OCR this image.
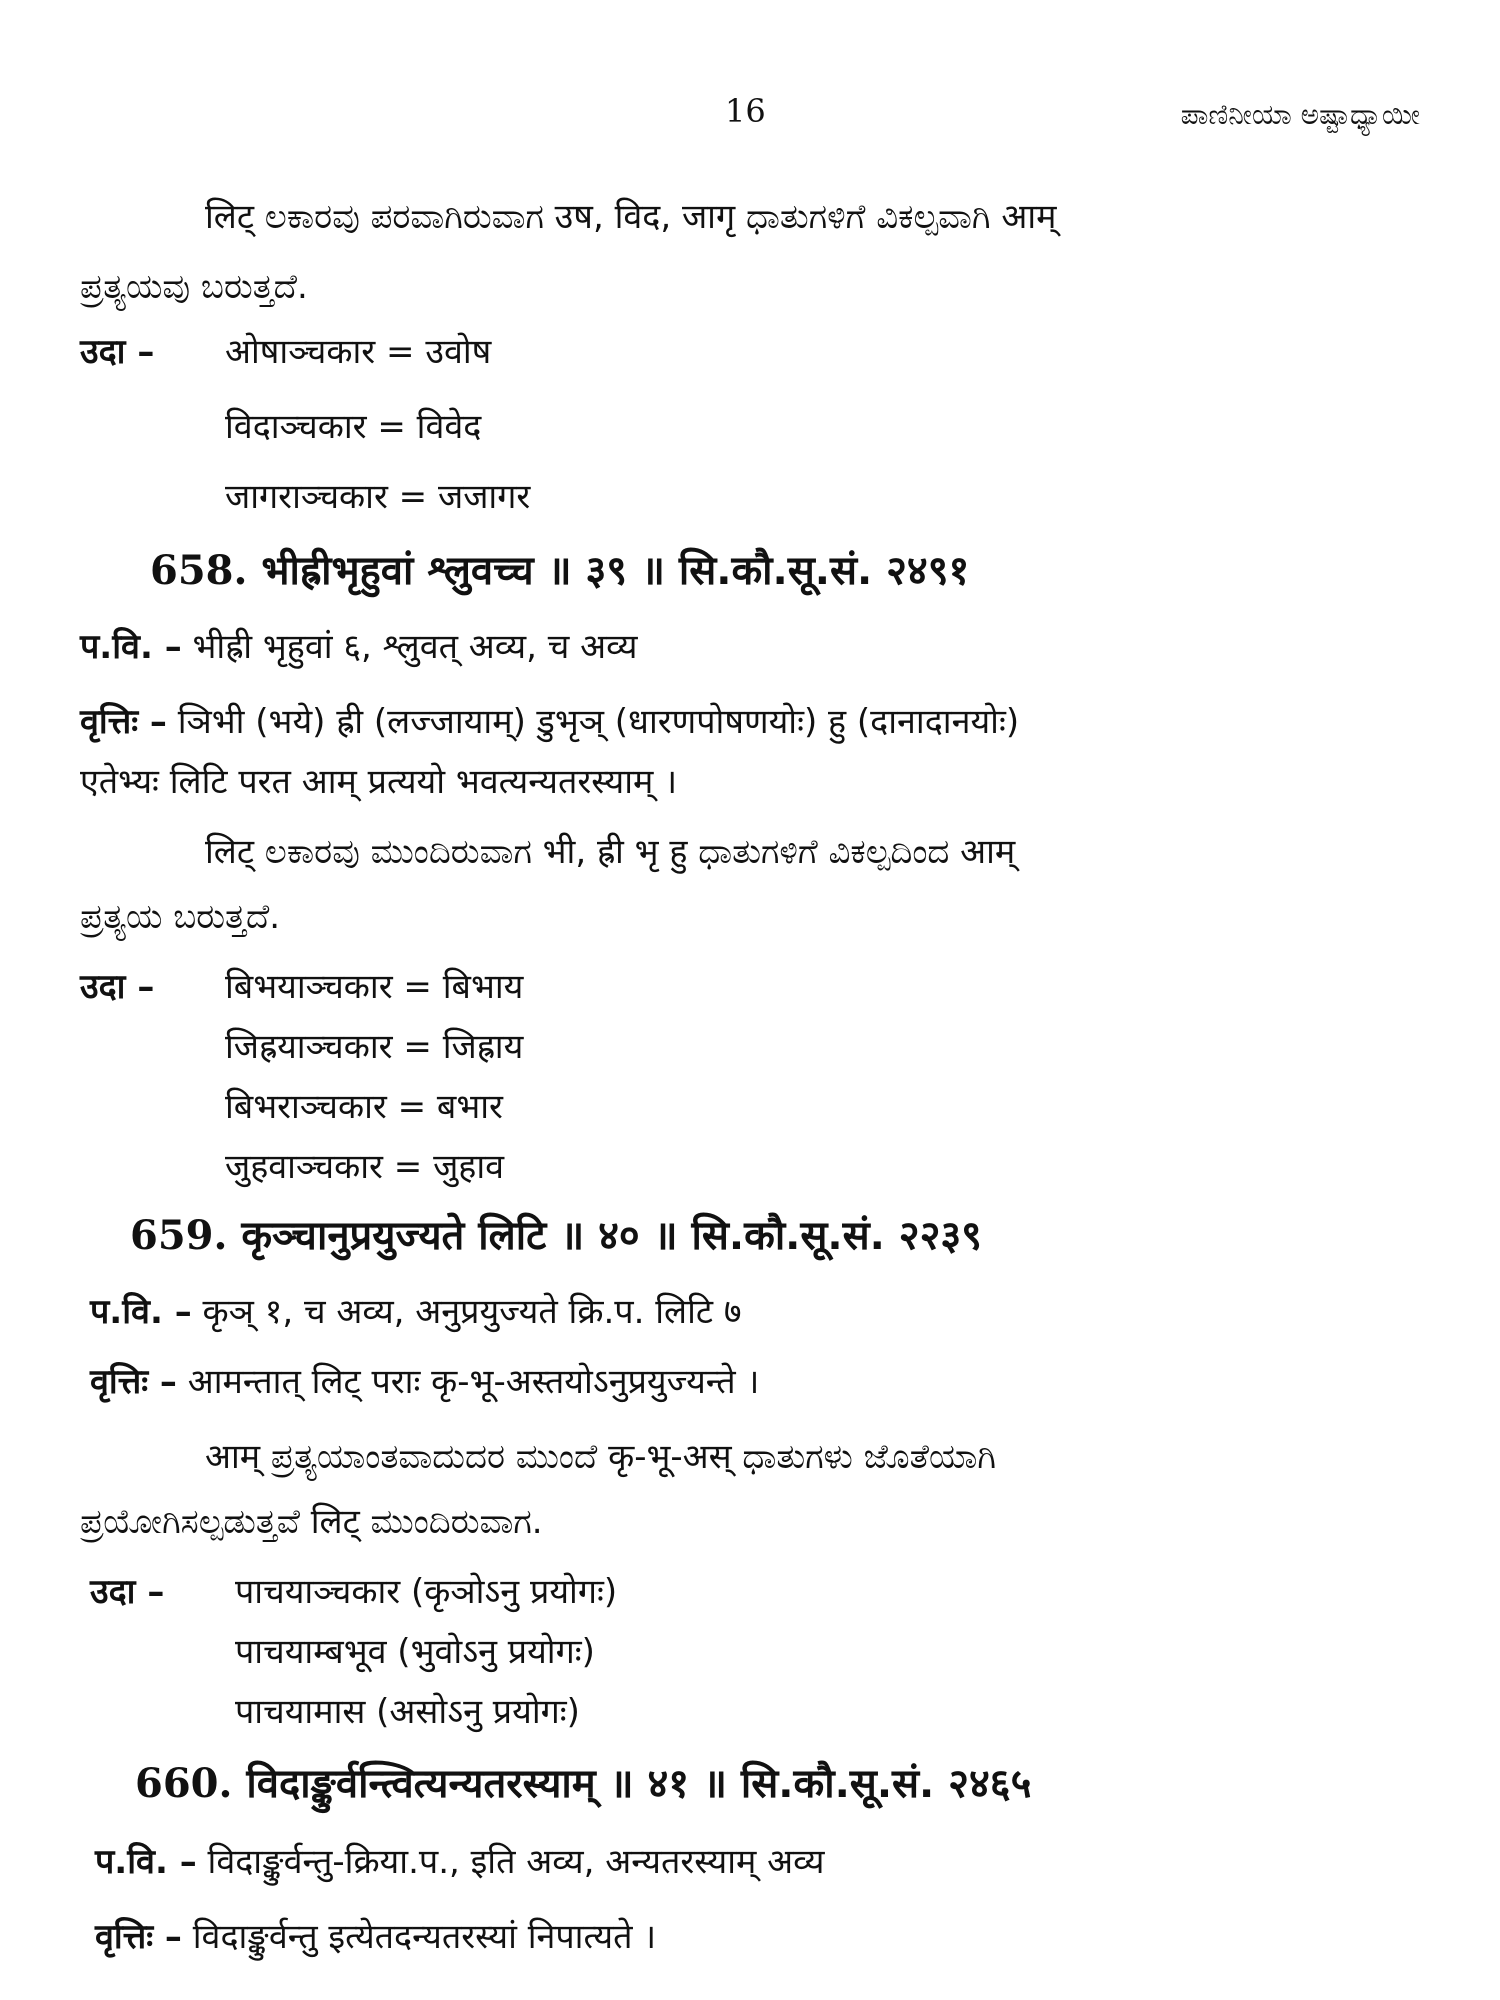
16	ಪಾಣಿನೀಯಾ ಅಷ್ಟಾಧ್ಯಾಯೀ
लिट् ಲಕಾರವು ಪರವಾಗಿರುವಾಗ उष, विद, जागृ ಧಾತುಗಳಿಗೆ ವಿಕಲ್ಪವಾಗಿ आम्
ಪ್ರತ್ಯಯವು ಬರುತ್ತದೆ.
उदा – ओषाञ्चकार = उवोष
विदाञ्चकार = विवेद
जागराञ्चकार = जजागर
658. भीह्रीभृहुवां श्लुवच्च ॥ ३९ ॥ सि.कौ.सू.सं. २४९१
प.वि. – भीह्री भृहुवां ६, श्लुवत् अव्य, च अव्य
वृत्तिः – ञिभी (भये) ह्री (लज्जायाम्) डुभृञ् (धारणपोषणयोः) हु (दानादानयोः)
एतेभ्यः लिटि परत आम् प्रत्ययो भवत्यन्यतरस्याम् ।
लिट् ಲಕಾರವು ಮುಂದಿರುವಾಗ भी, ह्री भृ हु ಧಾತುಗಳಿಗೆ ವಿಕಲ್ಪದಿಂದ आम्
ಪ್ರತ್ಯಯ ಬರುತ್ತದೆ.
उदा – बिभयाञ्चकार = बिभाय
जिह्रयाञ्चकार = जिह्राय
बिभराञ्चकार = बभार
जुहवाञ्चकार = जुहाव
659. कृञ्चानुप्रयुज्यते लिटि ॥ ४० ॥ सि.कौ.सू.सं. २२३९
प.वि. – कृञ् १, च अव्य, अनुप्रयुज्यते क्रि.प. लिटि ७
वृत्तिः – आमन्तात् लिट् पराः कृ-भू-अस्तयोऽनुप्रयुज्यन्ते ।
आम् ಪ್ರತ್ಯಯಾಂತವಾದುದರ ಮುಂದೆ कृ-भू-अस् ಧಾತುಗಳು ಜೊತೆಯಾಗಿ
ಪ್ರಯೋಗಿಸಲ್ಪಡುತ್ತವೆ लिट् ಮುಂದಿರುವಾಗ.
उदा – पाचयाञ्चकार (कृञोऽनु प्रयोगः)
पाचयाम्बभूव (भुवोऽनु प्रयोगः)
पाचयामास (असोऽनु प्रयोगः)
660. विदाङ्कुर्वन्त्वित्यन्यतरस्याम् ॥ ४१ ॥ सि.कौ.सू.सं. २४६५
प.वि. – विदाङ्कुर्वन्तु-क्रिया.प., इति अव्य, अन्यतरस्याम् अव्य
वृत्तिः – विदाङ्कुर्वन्तु इत्येतदन्यतरस्यां निपात्यते ।
